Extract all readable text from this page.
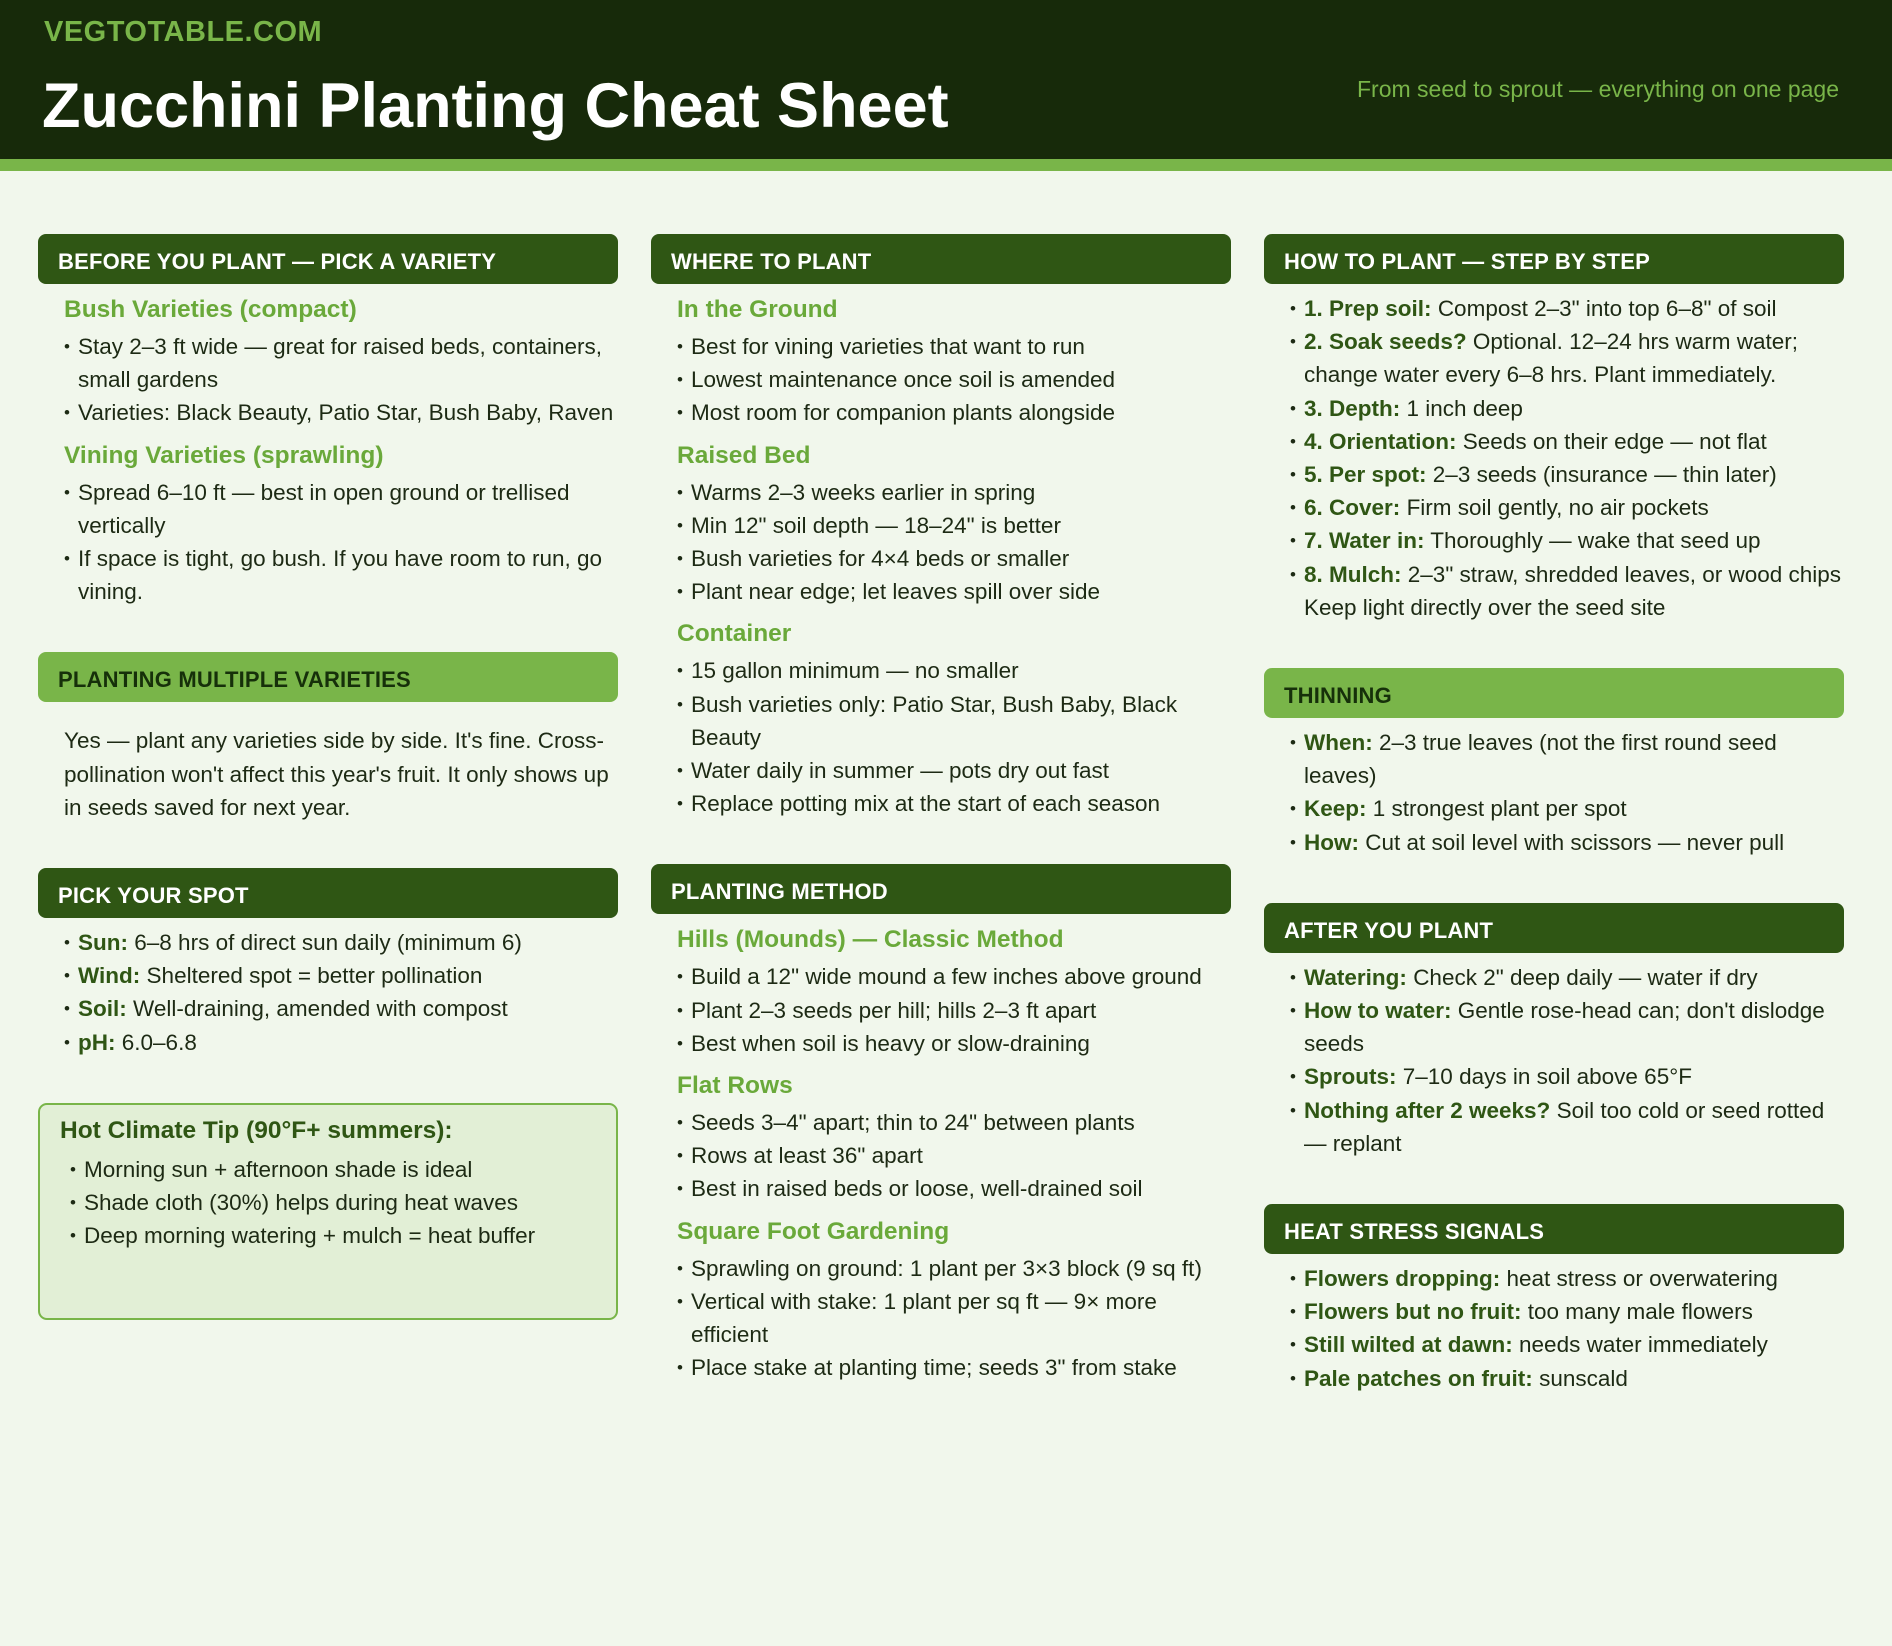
VEGTOTABLE.COM
Zucchini Planting Cheat Sheet	From seed to sprout — everything on one page
BEFORE YOU PLANT — PICK A VARIETY
Bush Varieties (compact)
• Stay 2–3 ft wide — great for raised beds, containers, small gardens
• Varieties: Black Beauty, Patio Star, Bush Baby, Raven
Vining Varieties (sprawling)
• Spread 6–10 ft — best in open ground or trellised vertically
• If space is tight, go bush. If you have room to run, go vining.
PLANTING MULTIPLE VARIETIES
Yes — plant any varieties side by side. It's fine. Cross-pollination won't affect this year's fruit. It only shows up in seeds saved for next year.
PICK YOUR SPOT
• Sun: 6–8 hrs of direct sun daily (minimum 6)
• Wind: Sheltered spot = better pollination
• Soil: Well-draining, amended with compost
• pH: 6.0–6.8
Hot Climate Tip (90°F+ summers):
• Morning sun + afternoon shade is ideal
• Shade cloth (30%) helps during heat waves
• Deep morning watering + mulch = heat buffer
WHERE TO PLANT
In the Ground
• Best for vining varieties that want to run
• Lowest maintenance once soil is amended
• Most room for companion plants alongside
Raised Bed
• Warms 2–3 weeks earlier in spring
• Min 12" soil depth — 18–24" is better
• Bush varieties for 4×4 beds or smaller
• Plant near edge; let leaves spill over side
Container
• 15 gallon minimum — no smaller
• Bush varieties only: Patio Star, Bush Baby, Black Beauty
• Water daily in summer — pots dry out fast
• Replace potting mix at the start of each season
PLANTING METHOD
Hills (Mounds) — Classic Method
• Build a 12" wide mound a few inches above ground
• Plant 2–3 seeds per hill; hills 2–3 ft apart
• Best when soil is heavy or slow-draining
Flat Rows
• Seeds 3–4" apart; thin to 24" between plants
• Rows at least 36" apart
• Best in raised beds or loose, well-drained soil
Square Foot Gardening
• Sprawling on ground: 1 plant per 3×3 block (9 sq ft)
• Vertical with stake: 1 plant per sq ft — 9× more efficient
• Place stake at planting time; seeds 3" from stake
HOW TO PLANT — STEP BY STEP
• 1. Prep soil: Compost 2–3" into top 6–8" of soil
• 2. Soak seeds? Optional. 12–24 hrs warm water; change water every 6–8 hrs. Plant immediately.
• 3. Depth: 1 inch deep
• 4. Orientation: Seeds on their edge — not flat
• 5. Per spot: 2–3 seeds (insurance — thin later)
• 6. Cover: Firm soil gently, no air pockets
• 7. Water in: Thoroughly — wake that seed up
• 8. Mulch: 2–3" straw, shredded leaves, or wood chips Keep light directly over the seed site
THINNING
• When: 2–3 true leaves (not the first round seed leaves)
• Keep: 1 strongest plant per spot
• How: Cut at soil level with scissors — never pull
AFTER YOU PLANT
• Watering: Check 2" deep daily — water if dry
• How to water: Gentle rose-head can; don't dislodge seeds
• Sprouts: 7–10 days in soil above 65°F
• Nothing after 2 weeks? Soil too cold or seed rotted — replant
HEAT STRESS SIGNALS
• Flowers dropping: heat stress or overwatering
• Flowers but no fruit: too many male flowers
• Still wilted at dawn: needs water immediately
• Pale patches on fruit: sunscald
